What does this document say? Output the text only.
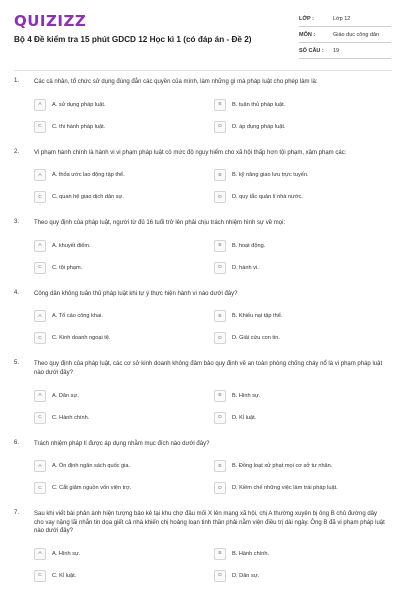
QUIZIZZ
Bộ 4 Đề kiểm tra 15 phút GDCD 12 Học kì 1 (có đáp án - Đề 2)
LỚP :	Lớp 12
MÔN :	Giáo dục công dân
SỐ CÂU :	19
1. Các cá nhân, tổ chức sử dụng đúng đắn các quyền của mình, làm những gì mà pháp luật cho phép làm là:
A	A. sử dụng pháp luật.	B	B. tuân thủ pháp luật.
C	C. thi hành pháp luật.	D	D. áp dụng pháp luật.
2. Vi phạm hành chính là hành vi vi phạm pháp luật có mức độ nguy hiểm cho xã hội thấp hơn tội phạm, xâm phạm các:
A	A. thỏa ước lao động tập thể.	B	B. kỹ năng giao lưu trực tuyến.
C	C. quan hệ giao dịch dân sự.	D	D. quy tắc quản lí nhà nước.
3. Theo quy định của pháp luật, người từ đủ 16 tuổi trở lên phải chịu trách nhiệm hình sự về mọi:
A	A. khuyết điểm.	B	B. hoạt động.
C	C. tội phạm.	D	D. hành vi.
4. Công dân không tuân thủ pháp luật khi tự ý thực hiện hành vi nào dưới đây?
A	A. Tố cáo công khai.	B	B. Khiếu nại tập thể.
C	C. Kinh doanh ngoại tệ.	D	D. Giải cứu con tin.
5. Theo quy định của pháp luật, các cơ sở kinh doanh không đảm bảo quy định về an toàn phòng chống cháy nổ là vi phạm pháp luật nào dưới đây?
A	A. Dân sự.	B	B. Hình sự.
C	C. Hành chính.	D	D. Kỉ luật.
6. Trách nhiệm pháp lí được áp dụng nhằm mục đích nào dưới đây?
A	A. Ổn định ngân sách quốc gia.	B	B. Đồng loạt xử phạt mọi cơ sở tư nhân.
C	C. Cắt giảm nguồn vốn viện trợ.	D	D. Kiềm chế những việc làm trái pháp luật.
7. Sau khi viết bài phản ánh hiện tượng bảo kê tại khu chợ đầu mối X lên mạng xã hội, chị A thường xuyên bị ông B chủ đường dây cho vay nặng lãi nhắn tin dọa giết cả nhà khiến chị hoảng loạn tinh thần phải nằm viện điều trị dài ngày. Ông B đã vi phạm pháp luật nào dưới đây?
A	A. Hình sự.	B	B. Hành chính.
C	C. Kỉ luật.	D	D. Dân sự.
